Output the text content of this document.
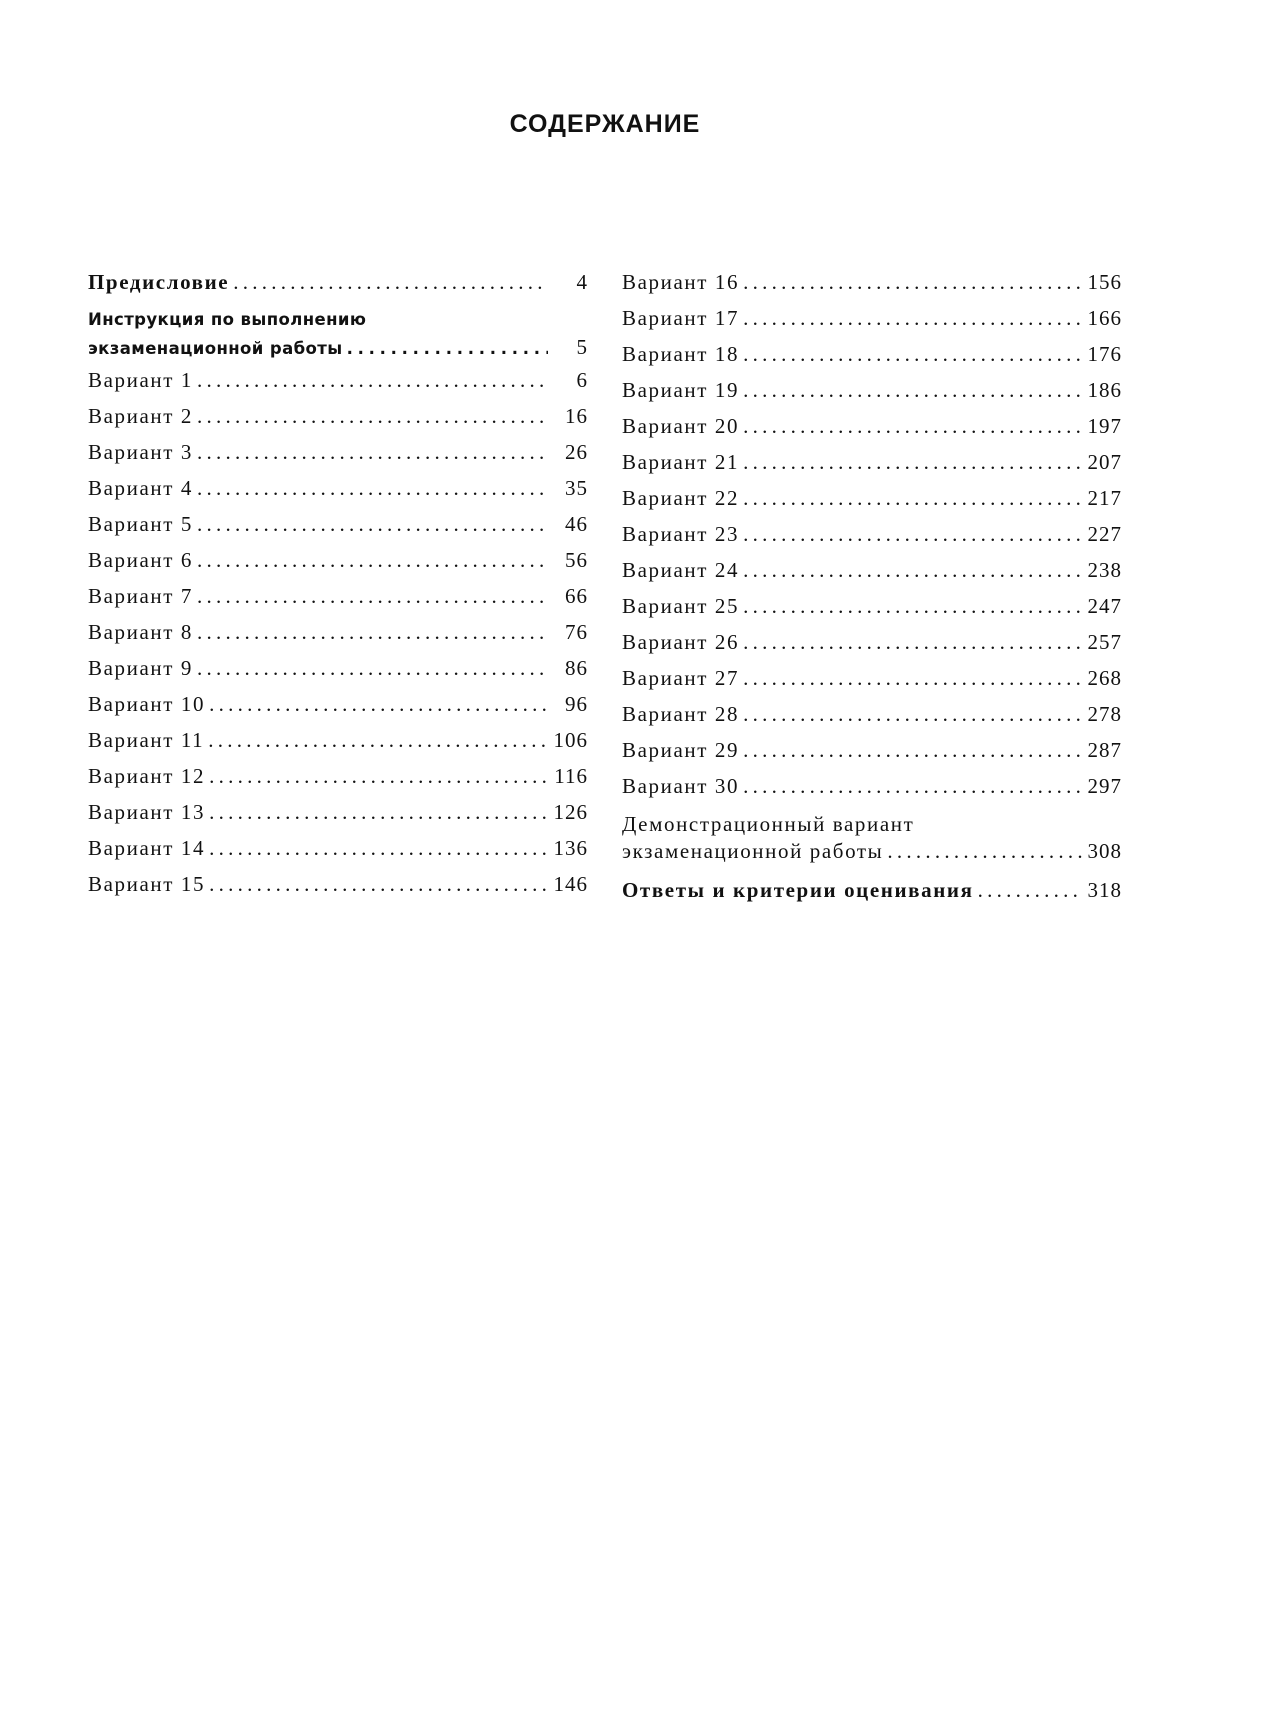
СОДЕРЖАНИЕ
Предисловие . . .	4
Инструкция по выполнению
экзаменационной работы . . .	5
Вариант 1 . . .	6
Вариант 2 . . .	16
Вариант 3 . . .	26
Вариант 4 . . .	35
Вариант 5 . . .	46
Вариант 6 . . .	56
Вариант 7 . . .	66
Вариант 8 . . .	76
Вариант 9 . . .	86
Вариант 10 . . .	96
Вариант 11 . . .	106
Вариант 12 . . .	116
Вариант 13 . . .	126
Вариант 14 . . .	136
Вариант 15 . . .	146
Вариант 16 . . .	156
Вариант 17 . . .	166
Вариант 18 . . .	176
Вариант 19 . . .	186
Вариант 20 . . .	197
Вариант 21 . . .	207
Вариант 22 . . .	217
Вариант 23 . . .	227
Вариант 24 . . .	238
Вариант 25 . . .	247
Вариант 26 . . .	257
Вариант 27 . . .	268
Вариант 28 . . .	278
Вариант 29 . . .	287
Вариант 30 . . .	297
Демонстрационный вариант
экзаменационной работы . . .	308
Ответы и критерии оценивания . . .	318
